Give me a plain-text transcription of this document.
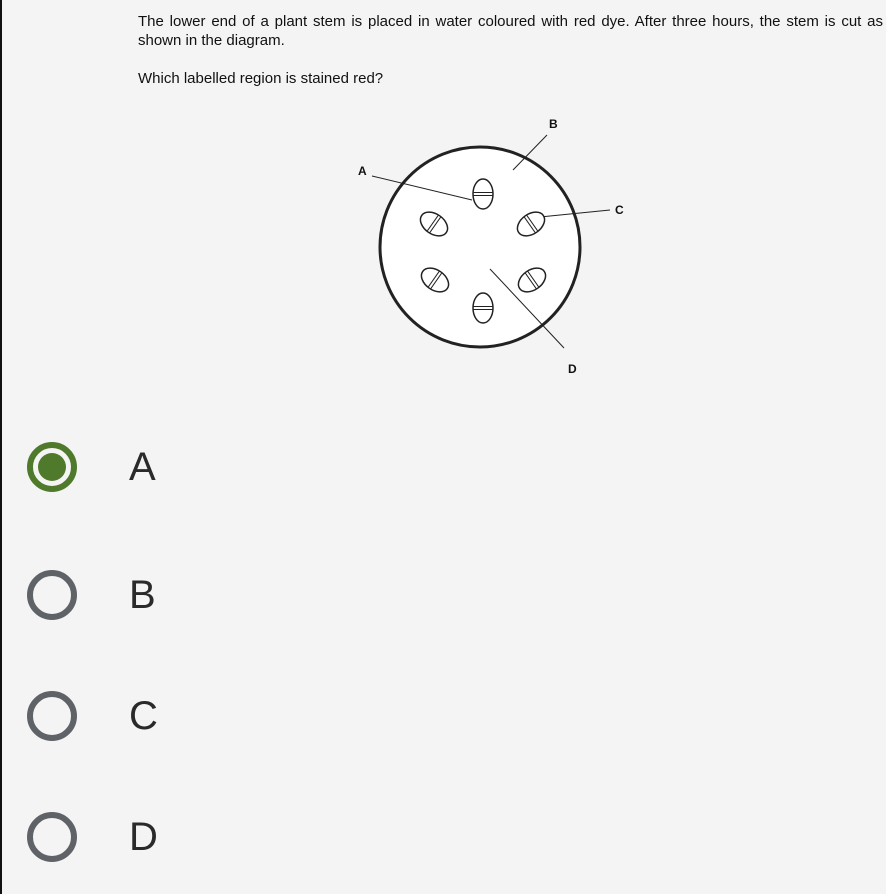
The lower end of a plant stem is placed in water coloured with red dye. After three hours, the stem is cut as shown in the diagram.

Which labelled region is stained red?

B
A
C
D
A
B
C
D
